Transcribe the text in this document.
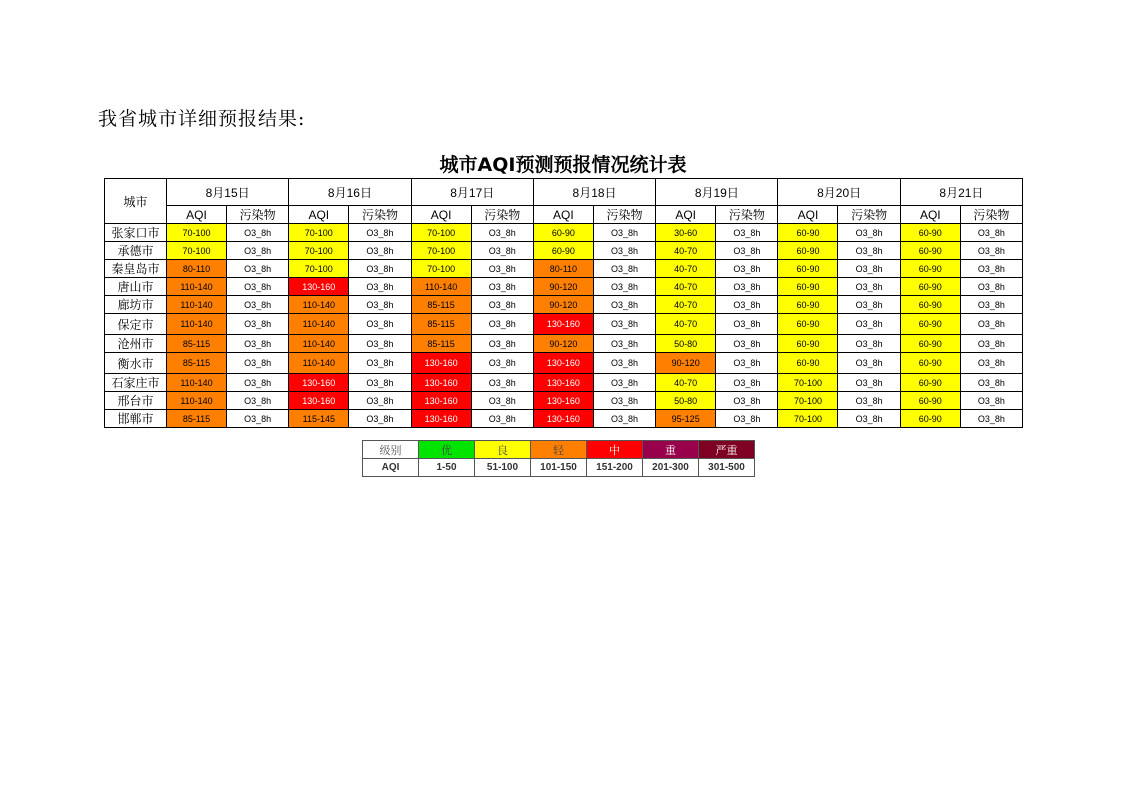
我省城市详细预报结果:
城市AQI预测预报情况统计表
城市	8月15日		8月16日		8月17日		8月18日		8月19日		8月20日		8月21日	
	AQI	污染物	AQI	污染物	AQI	污染物	AQI	污染物	AQI	污染物	AQI	污染物	AQI	污染物
张家口市	70-100	O3_8h	70-100	O3_8h	70-100	O3_8h	60-90	O3_8h	30-60	O3_8h	60-90	O3_8h	60-90	O3_8h
承德市	70-100	O3_8h	70-100	O3_8h	70-100	O3_8h	60-90	O3_8h	40-70	O3_8h	60-90	O3_8h	60-90	O3_8h
秦皇岛市	80-110	O3_8h	70-100	O3_8h	70-100	O3_8h	80-110	O3_8h	40-70	O3_8h	60-90	O3_8h	60-90	O3_8h
唐山市	110-140	O3_8h	130-160	O3_8h	110-140	O3_8h	90-120	O3_8h	40-70	O3_8h	60-90	O3_8h	60-90	O3_8h
廊坊市	110-140	O3_8h	110-140	O3_8h	85-115	O3_8h	90-120	O3_8h	40-70	O3_8h	60-90	O3_8h	60-90	O3_8h
保定市	110-140	O3_8h	110-140	O3_8h	85-115	O3_8h	130-160	O3_8h	40-70	O3_8h	60-90	O3_8h	60-90	O3_8h
沧州市	85-115	O3_8h	110-140	O3_8h	85-115	O3_8h	90-120	O3_8h	50-80	O3_8h	60-90	O3_8h	60-90	O3_8h
衡水市	85-115	O3_8h	110-140	O3_8h	130-160	O3_8h	130-160	O3_8h	90-120	O3_8h	60-90	O3_8h	60-90	O3_8h
石家庄市	110-140	O3_8h	130-160	O3_8h	130-160	O3_8h	130-160	O3_8h	40-70	O3_8h	70-100	O3_8h	60-90	O3_8h
邢台市	110-140	O3_8h	130-160	O3_8h	130-160	O3_8h	130-160	O3_8h	50-80	O3_8h	70-100	O3_8h	60-90	O3_8h
邯郸市	85-115	O3_8h	115-145	O3_8h	130-160	O3_8h	130-160	O3_8h	95-125	O3_8h	70-100	O3_8h	60-90	O3_8h
级别	优	良	轻	中	重	严重
AQI	1-50	51-100	101-150	151-200	201-300	301-500
